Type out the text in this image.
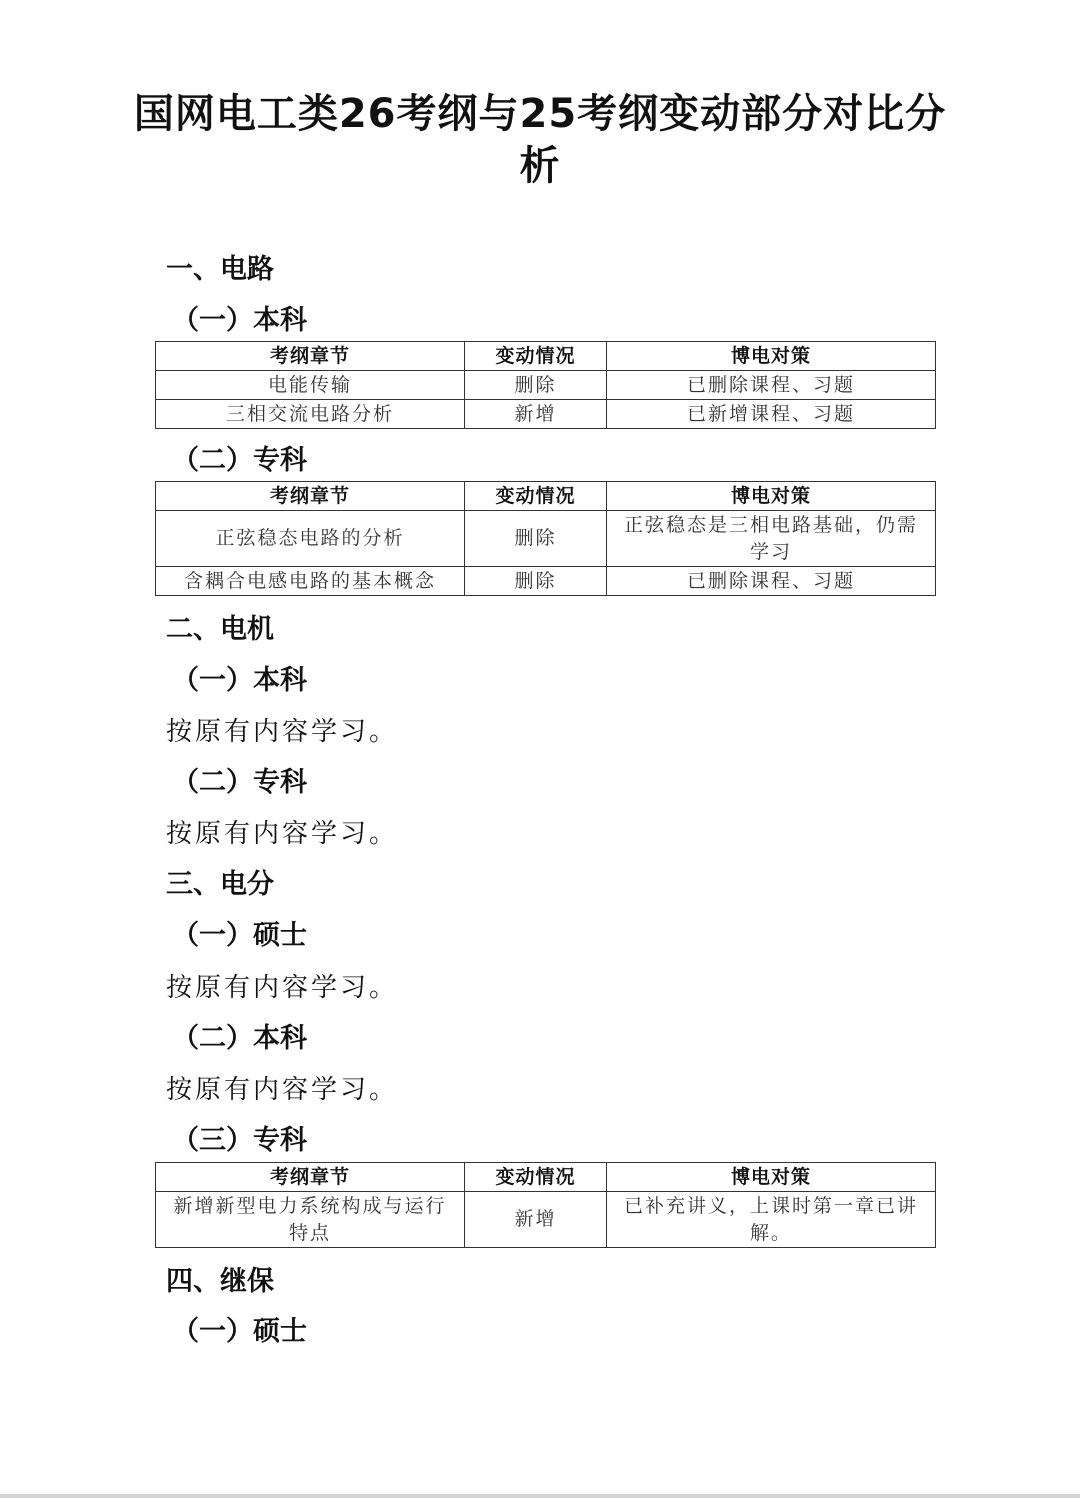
国网电工类26考纲与25考纲变动部分对比分析
一、电路
（一）本科
考纲章节	变动情况	博电对策
电能传输	删除	已删除课程、习题
三相交流电路分析	新增	已新增课程、习题
（二）专科
考纲章节	变动情况	博电对策
正弦稳态电路的分析	删除	正弦稳态是三相电路基础，仍需学习
含耦合电感电路的基本概念	删除	已删除课程、习题
二、电机
（一）本科
按原有内容学习。
（二）专科
按原有内容学习。
三、电分
（一）硕士
按原有内容学习。
（二）本科
按原有内容学习。
（三）专科
考纲章节	变动情况	博电对策
新增新型电力系统构成与运行特点	新增	已补充讲义，上课时第一章已讲解。
四、继保
（一）硕士
